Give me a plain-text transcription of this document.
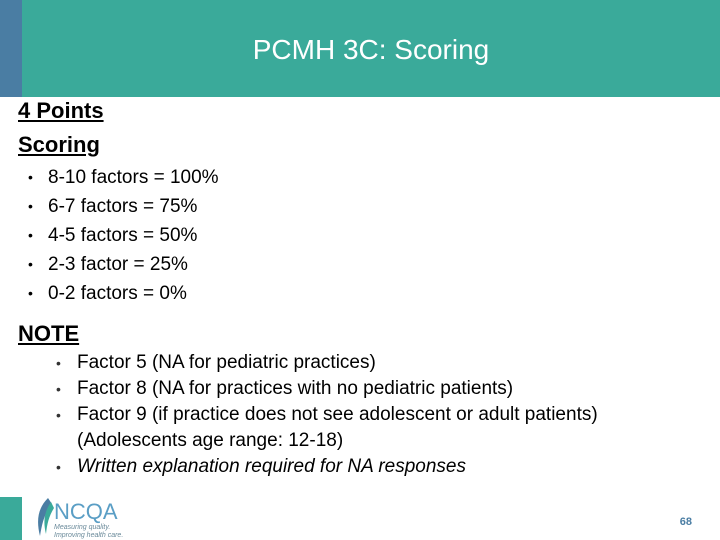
PCMH 3C: Scoring
4 Points
Scoring
• 8-10 factors = 100%
• 6-7 factors = 75%
• 4-5 factors = 50%
• 2-3 factor = 25%
• 0-2 factors = 0%
NOTE
• Factor 5 (NA for pediatric practices)
• Factor 8 (NA for practices with no pediatric patients)
• Factor 9 (if practice does not see adolescent or adult patients)
(Adolescents age range: 12-18)
• Written explanation required for NA responses
NCQA
Measuring quality. Improving health care.
68
